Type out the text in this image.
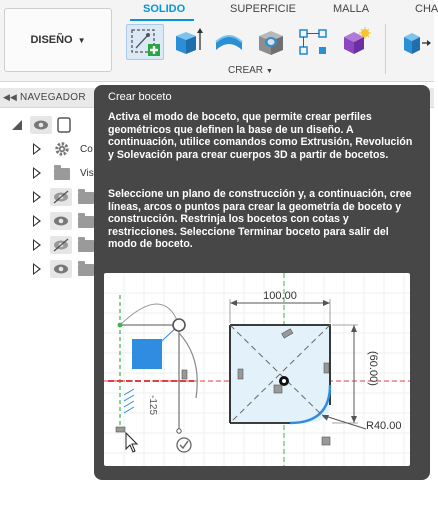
DISEÑO ▼
SOLIDO	SUPERFICIE	MALLA	CHA
CREAR ▼
◀◀ NAVEGADOR
Co
Vis
Crear boceto
Activa el modo de boceto, que permite crear perfiles geométricos que definen la base de un diseño. A continuación, utilice comandos como Extrusión, Revolución y Solevación para crear cuerpos 3D a partir de bocetos.
Seleccione un plano de construcción y, a continuación, cree líneas, arcos o puntos para crear la geometría de boceto y construcción. Restrinja los bocetos con cotas y restricciones. Seleccione Terminar boceto para salir del modo de boceto.
-125
100.00
(60.00)
R40.00
